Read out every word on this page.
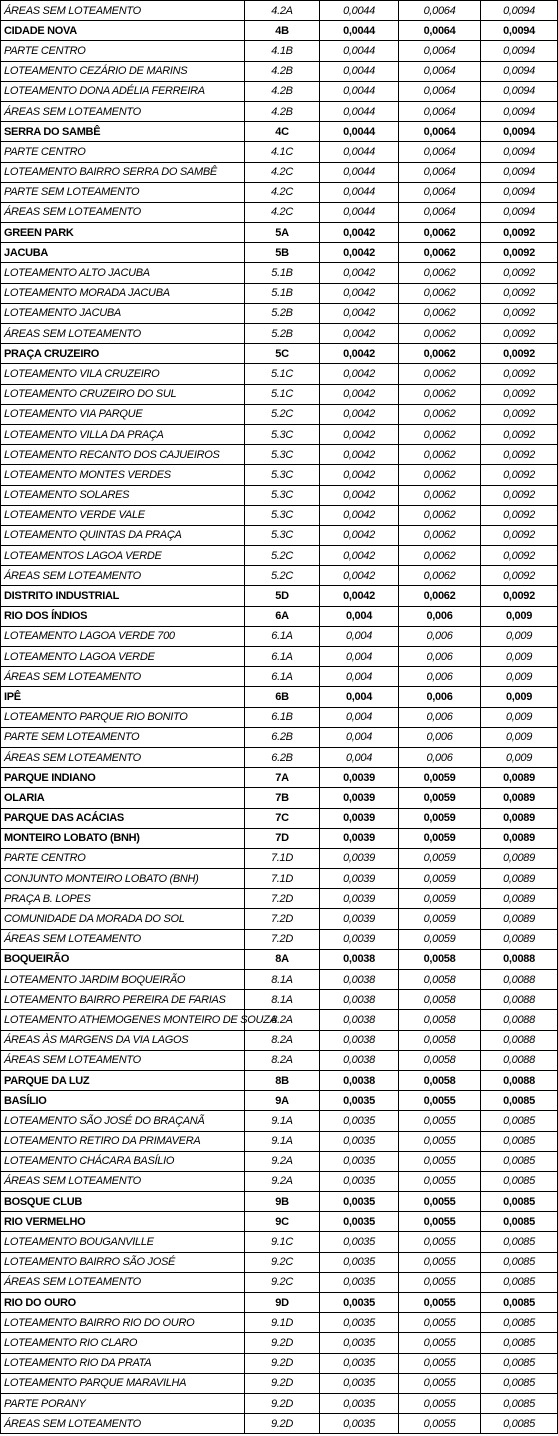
ÁREAS SEM LOTEAMENTO	4.2A	0,0044	0,0064	0,0094
CIDADE NOVA	4B	0,0044	0,0064	0,0094
PARTE CENTRO	4.1B	0,0044	0,0064	0,0094
LOTEAMENTO CEZÁRIO DE MARINS	4.2B	0,0044	0,0064	0,0094
LOTEAMENTO DONA ADÉLIA FERREIRA	4.2B	0,0044	0,0064	0,0094
ÁREAS SEM LOTEAMENTO	4.2B	0,0044	0,0064	0,0094
SERRA DO SAMBÊ	4C	0,0044	0,0064	0,0094
PARTE CENTRO	4.1C	0,0044	0,0064	0,0094
LOTEAMENTO BAIRRO SERRA DO SAMBÊ	4.2C	0,0044	0,0064	0,0094
PARTE SEM LOTEAMENTO	4.2C	0,0044	0,0064	0,0094
ÁREAS SEM LOTEAMENTO	4.2C	0,0044	0,0064	0,0094
GREEN PARK	5A	0,0042	0,0062	0,0092
JACUBA	5B	0,0042	0,0062	0,0092
LOTEAMENTO ALTO JACUBA	5.1B	0,0042	0,0062	0,0092
LOTEAMENTO MORADA JACUBA	5.1B	0,0042	0,0062	0,0092
LOTEAMENTO JACUBA	5.2B	0,0042	0,0062	0,0092
ÁREAS SEM LOTEAMENTO	5.2B	0,0042	0,0062	0,0092
PRAÇA CRUZEIRO	5C	0,0042	0,0062	0,0092
LOTEAMENTO VILA CRUZEIRO	5.1C	0,0042	0,0062	0,0092
LOTEAMENTO CRUZEIRO DO SUL	5.1C	0,0042	0,0062	0,0092
LOTEAMENTO VIA PARQUE	5.2C	0,0042	0,0062	0,0092
LOTEAMENTO VILLA DA PRAÇA	5.3C	0,0042	0,0062	0,0092
LOTEAMENTO RECANTO DOS CAJUEIROS	5.3C	0,0042	0,0062	0,0092
LOTEAMENTO MONTES VERDES	5.3C	0,0042	0,0062	0,0092
LOTEAMENTO SOLARES	5.3C	0,0042	0,0062	0,0092
LOTEAMENTO VERDE VALE	5.3C	0,0042	0,0062	0,0092
LOTEAMENTO QUINTAS DA PRAÇA	5.3C	0,0042	0,0062	0,0092
LOTEAMENTOS LAGOA VERDE	5.2C	0,0042	0,0062	0,0092
ÁREAS SEM LOTEAMENTO	5.2C	0,0042	0,0062	0,0092
DISTRITO INDUSTRIAL	5D	0,0042	0,0062	0,0092
RIO DOS ÍNDIOS	6A	0,004	0,006	0,009
LOTEAMENTO LAGOA VERDE 700	6.1A	0,004	0,006	0,009
LOTEAMENTO LAGOA VERDE	6.1A	0,004	0,006	0,009
ÁREAS SEM LOTEAMENTO	6.1A	0,004	0,006	0,009
IPÊ	6B	0,004	0,006	0,009
LOTEAMENTO PARQUE RIO BONITO	6.1B	0,004	0,006	0,009
PARTE SEM LOTEAMENTO	6.2B	0,004	0,006	0,009
ÁREAS SEM LOTEAMENTO	6.2B	0,004	0,006	0,009
PARQUE INDIANO	7A	0,0039	0,0059	0,0089
OLARIA	7B	0,0039	0,0059	0,0089
PARQUE DAS ACÁCIAS	7C	0,0039	0,0059	0,0089
MONTEIRO LOBATO (BNH)	7D	0,0039	0,0059	0,0089
PARTE CENTRO	7.1D	0,0039	0,0059	0,0089
CONJUNTO MONTEIRO LOBATO (BNH)	7.1D	0,0039	0,0059	0,0089
PRAÇA B. LOPES	7.2D	0,0039	0,0059	0,0089
COMUNIDADE DA MORADA DO SOL	7.2D	0,0039	0,0059	0,0089
ÁREAS SEM LOTEAMENTO	7.2D	0,0039	0,0059	0,0089
BOQUEIRÃO	8A	0,0038	0,0058	0,0088
LOTEAMENTO JARDIM BOQUEIRÃO	8.1A	0,0038	0,0058	0,0088
LOTEAMENTO BAIRRO PEREIRA DE FARIAS	8.1A	0,0038	0,0058	0,0088
LOTEAMENTO ATHEMOGENES MONTEIRO DE SOUZA	8.2A	0,0038	0,0058	0,0088
ÁREAS ÀS MARGENS DA VIA LAGOS	8.2A	0,0038	0,0058	0,0088
ÁREAS SEM LOTEAMENTO	8.2A	0,0038	0,0058	0,0088
PARQUE DA LUZ	8B	0,0038	0,0058	0,0088
BASÍLIO	9A	0,0035	0,0055	0,0085
LOTEAMENTO SÃO JOSÉ DO BRAÇANÃ	9.1A	0,0035	0,0055	0,0085
LOTEAMENTO RETIRO DA PRIMAVERA	9.1A	0,0035	0,0055	0,0085
LOTEAMENTO CHÁCARA BASÍLIO	9.2A	0,0035	0,0055	0,0085
ÁREAS SEM LOTEAMENTO	9.2A	0,0035	0,0055	0,0085
BOSQUE CLUB	9B	0,0035	0,0055	0,0085
RIO VERMELHO	9C	0,0035	0,0055	0,0085
LOTEAMENTO BOUGANVILLE	9.1C	0,0035	0,0055	0,0085
LOTEAMENTO BAIRRO SÃO JOSÉ	9.2C	0,0035	0,0055	0,0085
ÁREAS SEM LOTEAMENTO	9.2C	0,0035	0,0055	0,0085
RIO DO OURO	9D	0,0035	0,0055	0,0085
LOTEAMENTO BAIRRO RIO DO OURO	9.1D	0,0035	0,0055	0,0085
LOTEAMENTO RIO CLARO	9.2D	0,0035	0,0055	0,0085
LOTEAMENTO RIO DA PRATA	9.2D	0,0035	0,0055	0,0085
LOTEAMENTO PARQUE MARAVILHA	9.2D	0,0035	0,0055	0,0085
PARTE PORANY	9.2D	0,0035	0,0055	0,0085
ÁREAS SEM LOTEAMENTO	9.2D	0,0035	0,0055	0,0085
